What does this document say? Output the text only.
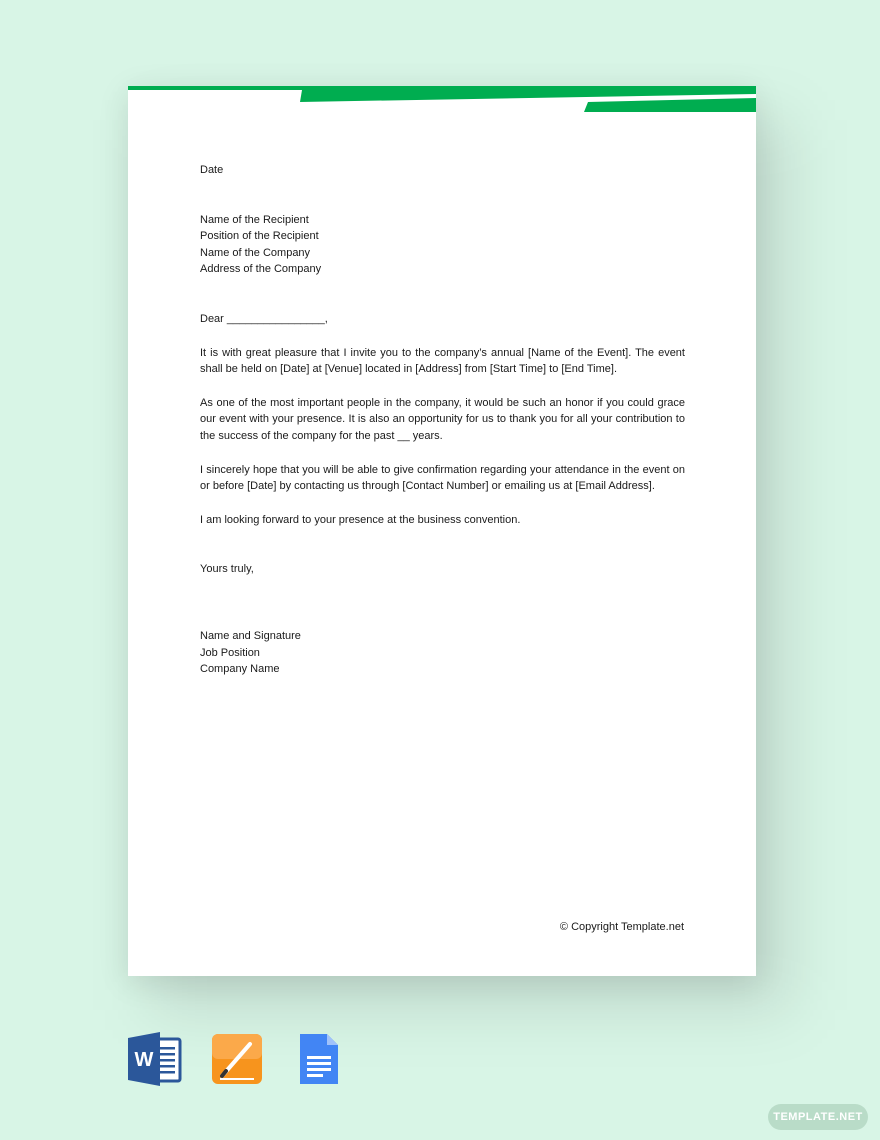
Date

Name of the Recipient

Position of the Recipient

Name of the Company

Address of the Company

Dear ________________,

It is with great pleasure that I invite you to the company’s annual [Name of the Event]. The event shall be held on [Date] at [Venue] located in [Address] from [Start Time] to [End Time].

As one of the most important people in the company, it would be such an honor if you could grace our event with your presence. It is also an opportunity for us to thank you for all your contribution to the success of the company for the past __ years.

I sincerely hope that you will be able to give confirmation regarding your attendance in the event on or before [Date] by contacting us through [Contact Number] or emailing us at [Email Address].

I am looking forward to your presence at the business convention.

Yours truly,

Name and Signature

Job Position

Company Name

© Copyright Template.net
W
TEMPLATE.NET
